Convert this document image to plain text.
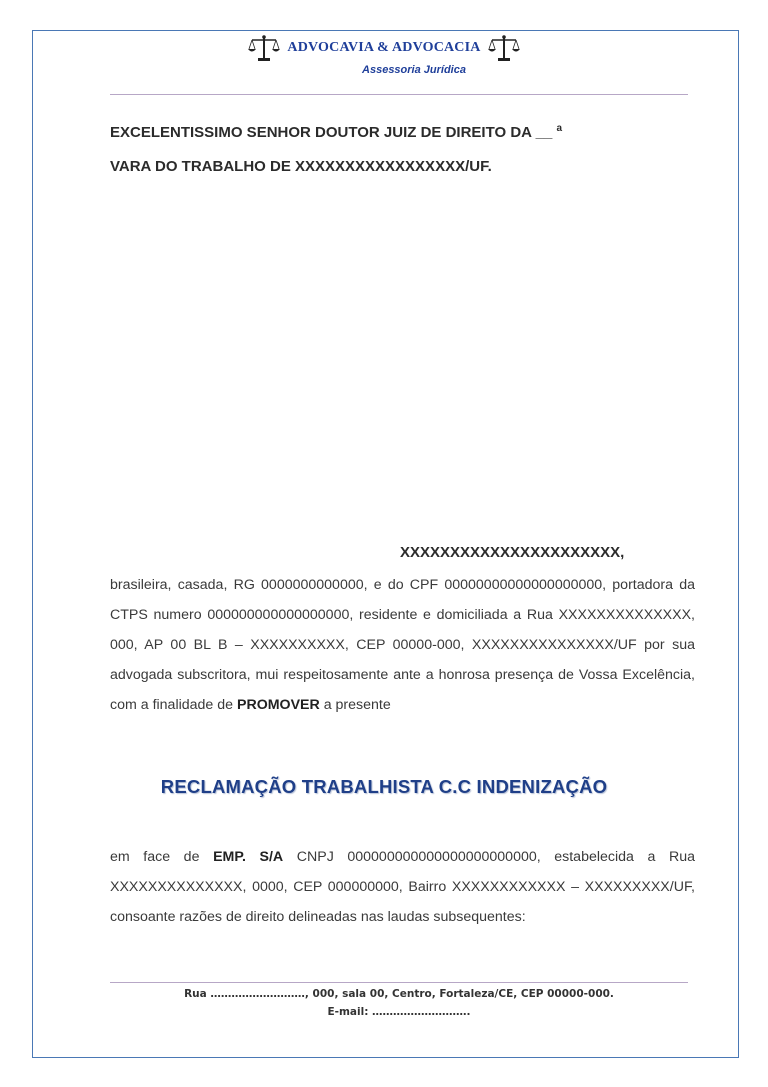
ADVOCAVIA & ADVOCACIA
Assessoria Jurídica
EXCELENTISSIMO SENHOR DOUTOR JUIZ DE DIREITO DA __ $^a$
VARA DO TRABALHO DE XXXXXXXXXXXXXXXXX/UF.
XXXXXXXXXXXXXXXXXXXXXX,
brasileira, casada, RG 0000000000000, e do CPF 00000000000000000000, portadora da CTPS numero 000000000000000000, residente e domiciliada a Rua XXXXXXXXXXXXXX, 000, AP 00 BL B – XXXXXXXXXX, CEP 00000-000, XXXXXXXXXXXXXXX/UF por sua advogada subscritora, mui respeitosamente ante a honrosa presença de Vossa Excelência, com a finalidade de PROMOVER a presente
RECLAMAÇÃO TRABALHISTA C.C INDENIZAÇÃO
em face de EMP. S/A CNPJ 000000000000000000000000, estabelecida a Rua XXXXXXXXXXXXXX, 0000, CEP 000000000, Bairro XXXXXXXXXXXX – XXXXXXXXX/UF, consoante razões de direito delineadas nas laudas subsequentes:
Rua ………………………, 000, sala 00, Centro, Fortaleza/CE, CEP 00000-000.
E-mail: ……………………….
